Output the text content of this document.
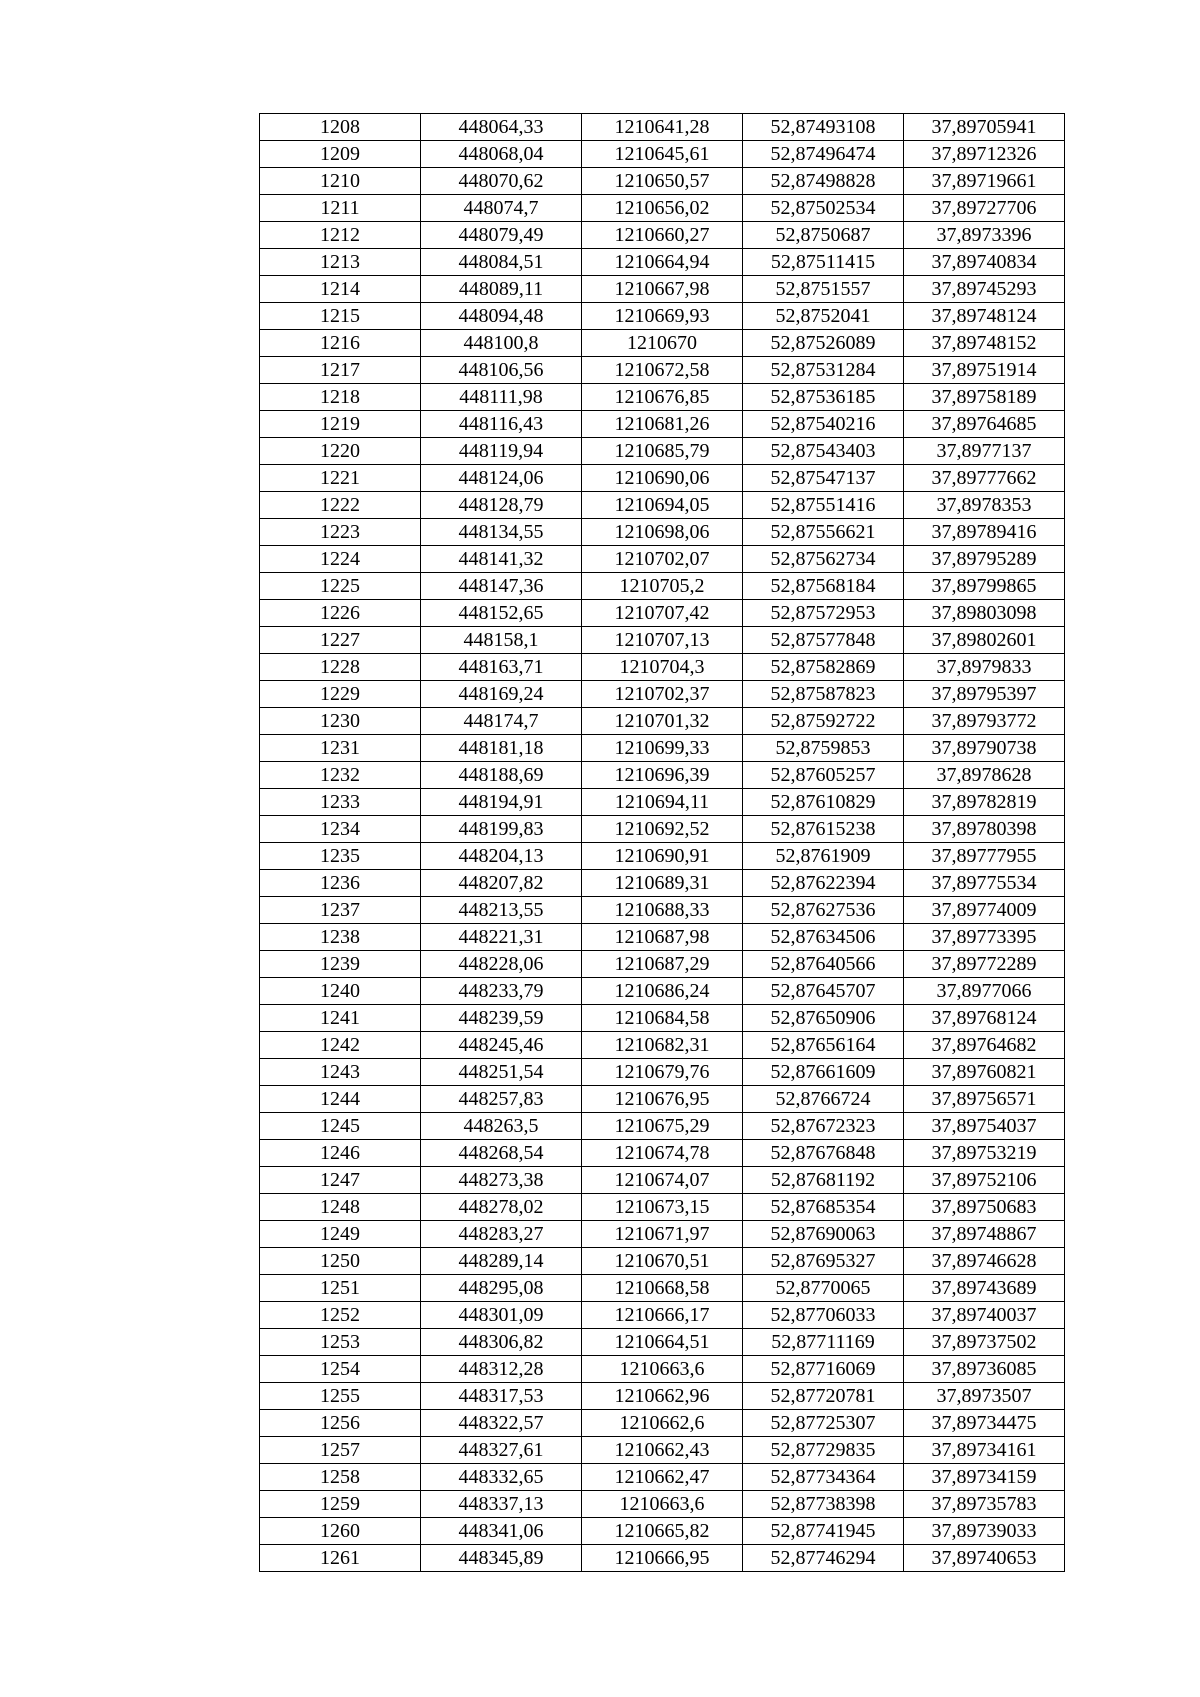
1208	448064,33	1210641,28	52,87493108	37,89705941
1209	448068,04	1210645,61	52,87496474	37,89712326
1210	448070,62	1210650,57	52,87498828	37,89719661
1211	448074,7	1210656,02	52,87502534	37,89727706
1212	448079,49	1210660,27	52,8750687	37,8973396
1213	448084,51	1210664,94	52,87511415	37,89740834
1214	448089,11	1210667,98	52,8751557	37,89745293
1215	448094,48	1210669,93	52,8752041	37,89748124
1216	448100,8	1210670	52,87526089	37,89748152
1217	448106,56	1210672,58	52,87531284	37,89751914
1218	448111,98	1210676,85	52,87536185	37,89758189
1219	448116,43	1210681,26	52,87540216	37,89764685
1220	448119,94	1210685,79	52,87543403	37,8977137
1221	448124,06	1210690,06	52,87547137	37,89777662
1222	448128,79	1210694,05	52,87551416	37,8978353
1223	448134,55	1210698,06	52,87556621	37,89789416
1224	448141,32	1210702,07	52,87562734	37,89795289
1225	448147,36	1210705,2	52,87568184	37,89799865
1226	448152,65	1210707,42	52,87572953	37,89803098
1227	448158,1	1210707,13	52,87577848	37,89802601
1228	448163,71	1210704,3	52,87582869	37,8979833
1229	448169,24	1210702,37	52,87587823	37,89795397
1230	448174,7	1210701,32	52,87592722	37,89793772
1231	448181,18	1210699,33	52,8759853	37,89790738
1232	448188,69	1210696,39	52,87605257	37,8978628
1233	448194,91	1210694,11	52,87610829	37,89782819
1234	448199,83	1210692,52	52,87615238	37,89780398
1235	448204,13	1210690,91	52,8761909	37,89777955
1236	448207,82	1210689,31	52,87622394	37,89775534
1237	448213,55	1210688,33	52,87627536	37,89774009
1238	448221,31	1210687,98	52,87634506	37,89773395
1239	448228,06	1210687,29	52,87640566	37,89772289
1240	448233,79	1210686,24	52,87645707	37,8977066
1241	448239,59	1210684,58	52,87650906	37,89768124
1242	448245,46	1210682,31	52,87656164	37,89764682
1243	448251,54	1210679,76	52,87661609	37,89760821
1244	448257,83	1210676,95	52,8766724	37,89756571
1245	448263,5	1210675,29	52,87672323	37,89754037
1246	448268,54	1210674,78	52,87676848	37,89753219
1247	448273,38	1210674,07	52,87681192	37,89752106
1248	448278,02	1210673,15	52,87685354	37,89750683
1249	448283,27	1210671,97	52,87690063	37,89748867
1250	448289,14	1210670,51	52,87695327	37,89746628
1251	448295,08	1210668,58	52,8770065	37,89743689
1252	448301,09	1210666,17	52,87706033	37,89740037
1253	448306,82	1210664,51	52,87711169	37,89737502
1254	448312,28	1210663,6	52,87716069	37,89736085
1255	448317,53	1210662,96	52,87720781	37,8973507
1256	448322,57	1210662,6	52,87725307	37,89734475
1257	448327,61	1210662,43	52,87729835	37,89734161
1258	448332,65	1210662,47	52,87734364	37,89734159
1259	448337,13	1210663,6	52,87738398	37,89735783
1260	448341,06	1210665,82	52,87741945	37,89739033
1261	448345,89	1210666,95	52,87746294	37,89740653
